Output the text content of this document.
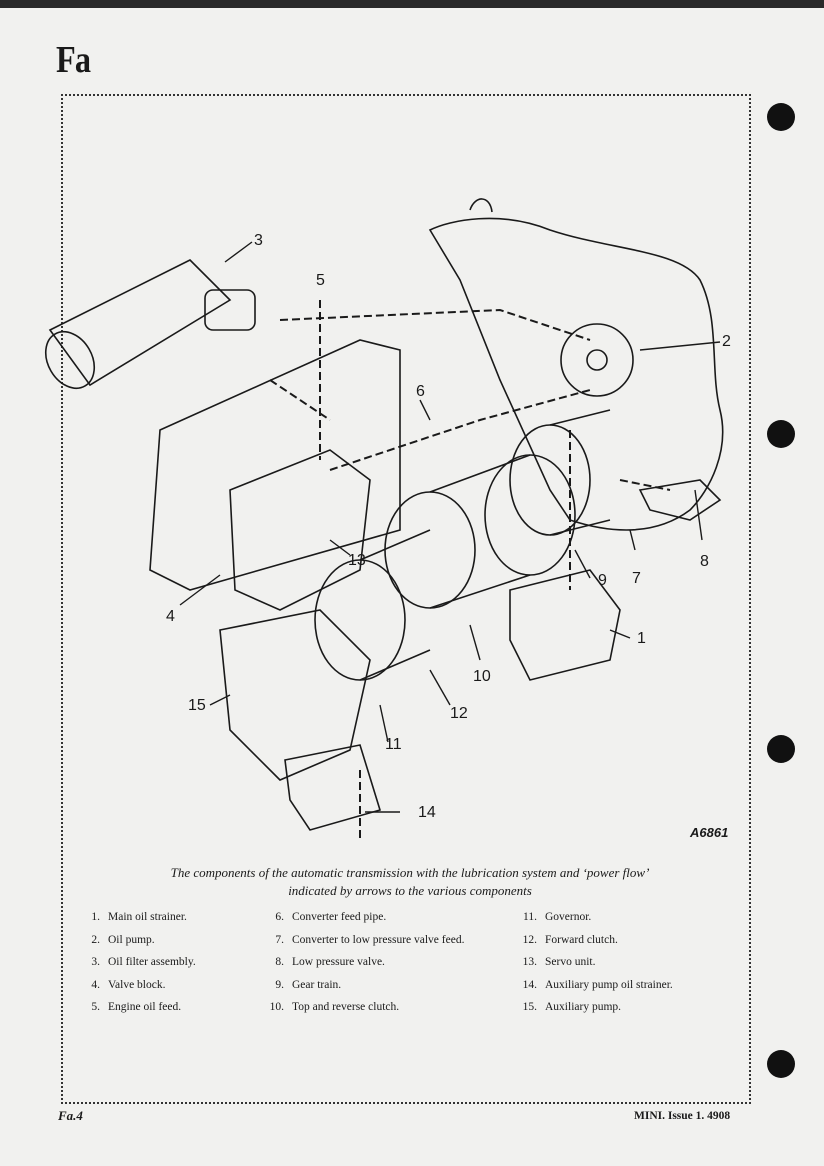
Fa
1
2
3
4
5
6
7
8
9
10
11
12
13
14
15
A6861
The components of the automatic transmission with the lubrication system and ‘power flow’
indicated by arrows to the various components
1. Main oil strainer.
2. Oil pump.
3. Oil filter assembly.
4. Valve block.
5. Engine oil feed.
6. Converter feed pipe.
7. Converter to low pressure valve feed.
8. Low pressure valve.
9. Gear train.
10. Top and reverse clutch.
11. Governor.
12. Forward clutch.
13. Servo unit.
14. Auxiliary pump oil strainer.
15. Auxiliary pump.
Fa.4	MINI. Issue 1. 4908
